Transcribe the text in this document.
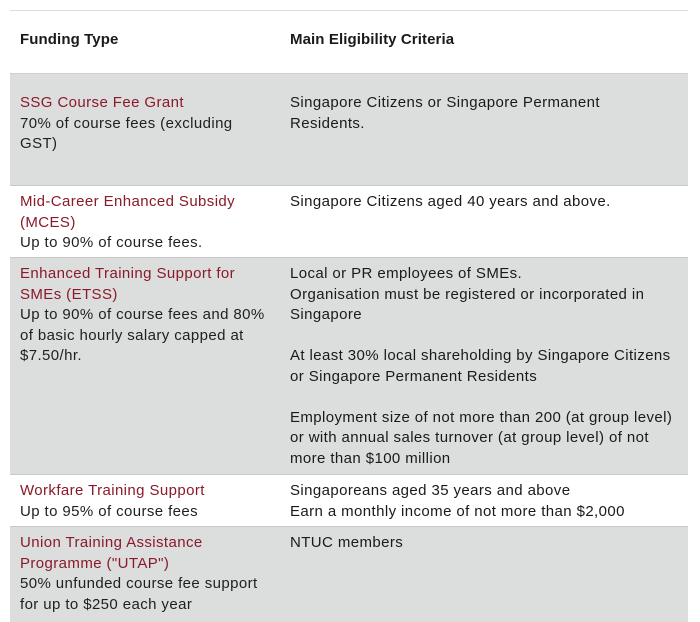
Funding Type	Main Eligibility Criteria

SSG Course Fee Grant
70% of course fees (excluding GST)	Singapore Citizens or Singapore Permanent Residents.

Mid-Career Enhanced Subsidy (MCES)
Up to 90% of course fees.	Singapore Citizens aged 40 years and above.

Enhanced Training Support for SMEs (ETSS)
Up to 90% of course fees and 80% of basic hourly salary capped at $7.50/hr.	Local or PR employees of SMEs.
Organisation must be registered or incorporated in Singapore
At least 30% local shareholding by Singapore Citizens or Singapore Permanent Residents
Employment size of not more than 200 (at group level) or with annual sales turnover (at group level) of not more than $100 million

Workfare Training Support
Up to 95% of course fees	Singaporeans aged 35 years and above
Earn a monthly income of not more than $2,000

Union Training Assistance Programme ("UTAP")
50% unfunded course fee support for up to $250 each year	NTUC members
